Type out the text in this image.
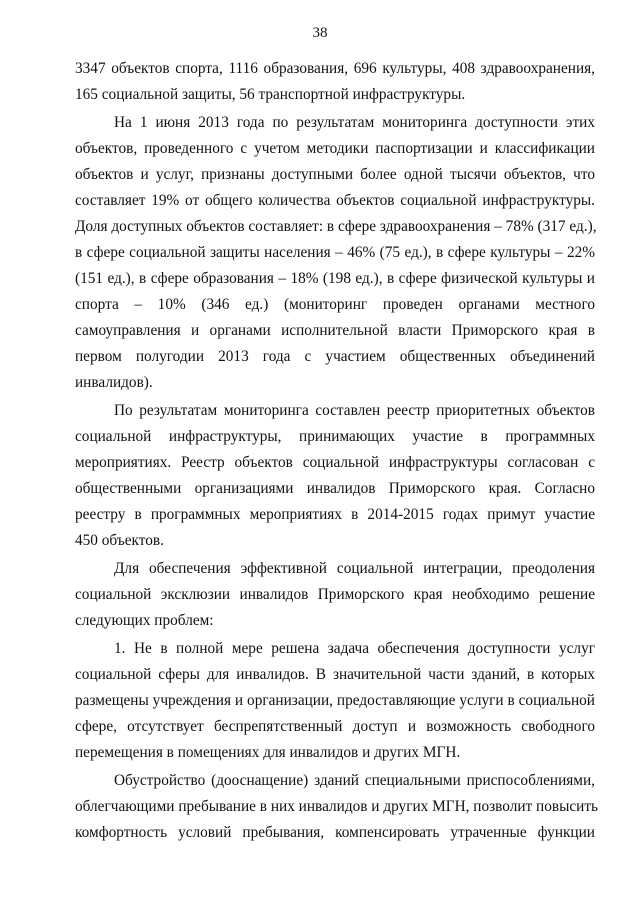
38
3347 объектов спорта, 1116 образования, 696 культуры, 408 здравоохранения,
165 социальной защиты, 56 транспортной инфраструктуры.
На 1 июня 2013 года по результатам мониторинга доступности этих
объектов, проведенного с учетом методики паспортизации и классификации
объектов и услуг, признаны доступными более одной тысячи объектов, что
составляет 19% от общего количества объектов социальной инфраструктуры.
Доля доступных объектов составляет: в сфере здравоохранения – 78% (317 ед.),
в сфере социальной защиты населения – 46% (75 ед.), в сфере культуры – 22%
(151 ед.), в сфере образования – 18% (198 ед.), в сфере физической культуры и
спорта – 10% (346 ед.) (мониторинг проведен органами местного
самоуправления и органами исполнительной власти Приморского края в
первом полугодии 2013 года с участием общественных объединений
инвалидов).
По результатам мониторинга составлен реестр приоритетных объектов
социальной инфраструктуры, принимающих участие в программных
мероприятиях. Реестр объектов социальной инфраструктуры согласован с
общественными организациями инвалидов Приморского края. Согласно
реестру в программных мероприятиях в 2014-2015 годах примут участие
450 объектов.
Для обеспечения эффективной социальной интеграции, преодоления
социальной эксклюзии инвалидов Приморского края необходимо решение
следующих проблем:
1. Не в полной мере решена задача обеспечения доступности услуг
социальной сферы для инвалидов. В значительной части зданий, в которых
размещены учреждения и организации, предоставляющие услуги в социальной
сфере, отсутствует беспрепятственный доступ и возможность свободного
перемещения в помещениях для инвалидов и других МГН.
Обустройство (дооснащение) зданий специальными приспособлениями,
облегчающими пребывание в них инвалидов и других МГН, позволит повысить
комфортность условий пребывания, компенсировать утраченные функции
